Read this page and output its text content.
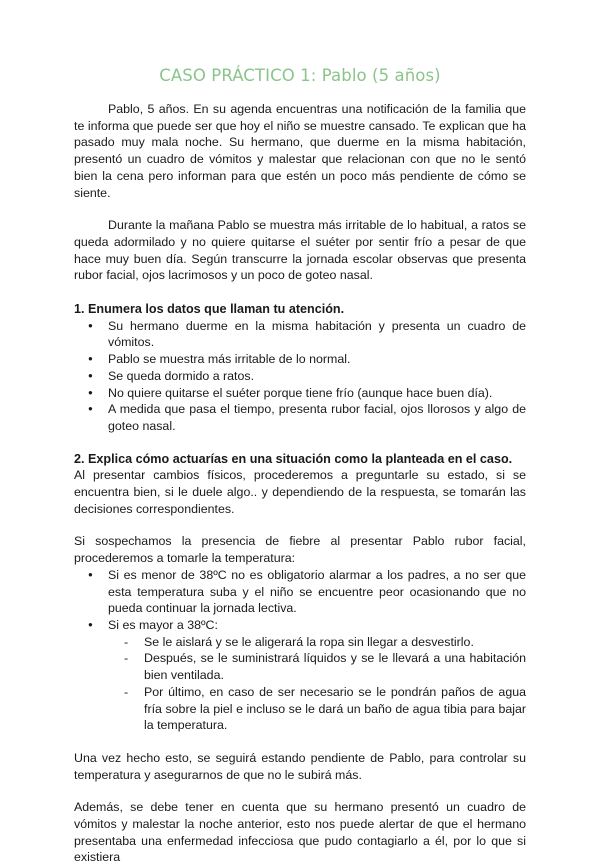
CASO PRÁCTICO 1: Pablo (5 años)

Pablo, 5 años. En su agenda encuentras una notificación de la familia que te informa que puede ser que hoy el niño se muestre cansado. Te explican que ha pasado muy mala noche. Su hermano, que duerme en la misma habitación, presentó un cuadro de vómitos y malestar que relacionan con que no le sentó bien la cena pero informan para que estén un poco más pendiente de cómo se siente.

Durante la mañana Pablo se muestra más irritable de lo habitual, a ratos se queda adormilado y no quiere quitarse el suéter por sentir frío a pesar de que hace muy buen día. Según transcurre la jornada escolar observas que presenta rubor facial, ojos lacrimosos y un poco de goteo nasal.

1. Enumera los datos que llaman tu atención.
● Su hermano duerme en la misma habitación y presenta un cuadro de vómitos.
● Pablo se muestra más irritable de lo normal.
● Se queda dormido a ratos.
● No quiere quitarse el suéter porque tiene frío (aunque hace buen día).
● A medida que pasa el tiempo, presenta rubor facial, ojos llorosos y algo de goteo nasal.
2. Explica cómo actuarías en una situación como la planteada en el caso.

Al presentar cambios físicos, procederemos a preguntarle su estado, si se encuentra bien, si le duele algo.. y dependiendo de la respuesta, se tomarán las decisiones correspondientes.

Si sospechamos la presencia de fiebre al presentar Pablo rubor facial, procederemos a tomarle la temperatura:

● Si es menor de 38ºC no es obligatorio alarmar a los padres, a no ser que esta temperatura suba y el niño se encuentre peor ocasionando que no pueda continuar la jornada lectiva.
● Si es mayor a 38ºC:
- Se le aislará y se le aligerará la ropa sin llegar a desvestirlo.
- Después, se le suministrará líquidos y se le llevará a una habitación bien ventilada.
- Por último, en caso de ser necesario se le pondrán paños de agua fría sobre la piel e incluso se le dará un baño de agua tibia para bajar la temperatura.

Una vez hecho esto, se seguirá estando pendiente de Pablo, para controlar su temperatura y asegurarnos de que no le subirá más.

Además, se debe tener en cuenta que su hermano presentó un cuadro de vómitos y malestar la noche anterior, esto nos puede alertar de que el hermano presentaba una enfermedad infecciosa que pudo contagiarlo a él, por lo que si existiera
